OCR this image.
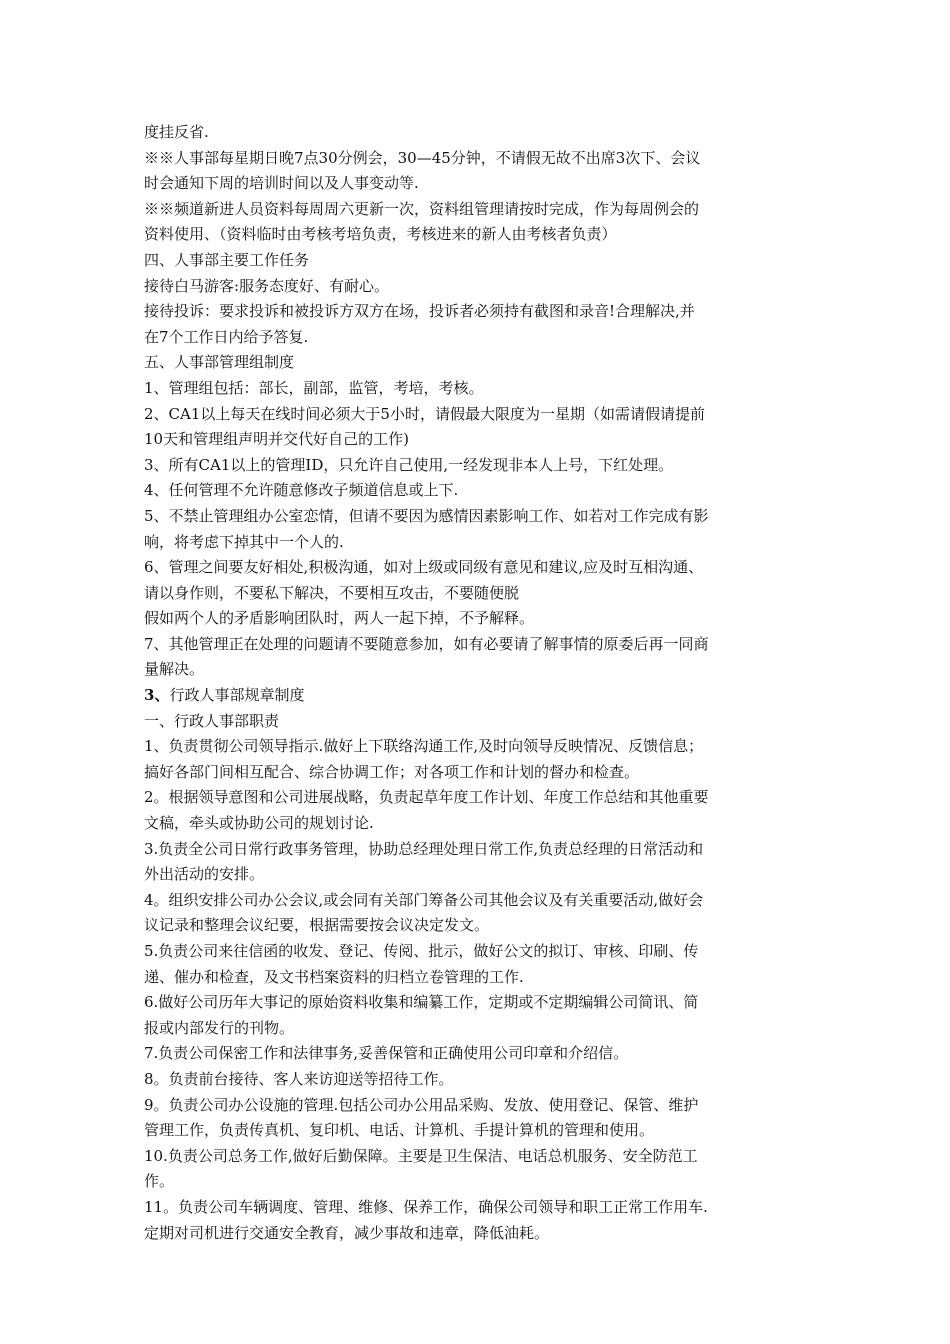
度挂反省.
※※人事部每星期日晚7点30分例会，30—45分钟，不请假无故不出席3次下、会议
时会通知下周的培训时间以及人事变动等.
※※频道新进人员资料每周周六更新一次，资料组管理请按时完成，作为每周例会的
资料使用、（资料临时由考核考培负责，考核进来的新人由考核者负责）
四、人事部主要工作任务
接待白马游客:服务态度好、有耐心。
接待投诉：要求投诉和被投诉方双方在场，投诉者必须持有截图和录音!合理解决,并
在7个工作日内给予答复.
五、人事部管理组制度
1、管理组包括：部长，副部，监管，考培，考核。
2、CA1以上每天在线时间必须大于5小时，请假最大限度为一星期（如需请假请提前
10天和管理组声明并交代好自己的工作)
3、所有CA1以上的管理ID，只允许自己使用,一经发现非本人上号，下红处理。
4、任何管理不允许随意修改子频道信息或上下.
5、不禁止管理组办公室恋情，但请不要因为感情因素影响工作、如若对工作完成有影
响，将考虑下掉其中一个人的.
6、管理之间要友好相处,积极沟通，如对上级或同级有意见和建议,应及时互相沟通、
请以身作则，不要私下解决，不要相互攻击，不要随便脱
假如两个人的矛盾影响团队时，两人一起下掉，不予解释。
7、其他管理正在处理的问题请不要随意参加，如有必要请了解事情的原委后再一同商
量解决。
3、行政人事部规章制度
一、行政人事部职责
1、负责贯彻公司领导指示.做好上下联络沟通工作,及时向领导反映情况、反馈信息；
搞好各部门间相互配合、综合协调工作；对各项工作和计划的督办和检查。
2。根据领导意图和公司进展战略，负责起草年度工作计划、年度工作总结和其他重要
文稿，牵头或协助公司的规划讨论.
3.负责全公司日常行政事务管理，协助总经理处理日常工作,负责总经理的日常活动和
外出活动的安排。
4。组织安排公司办公会议,或会同有关部门筹备公司其他会议及有关重要活动,做好会
议记录和整理会议纪要，根据需要按会议决定发文。
5.负责公司来往信函的收发、登记、传阅、批示，做好公文的拟订、审核、印刷、传
递、催办和检查，及文书档案资料的归档立卷管理的工作.
6.做好公司历年大事记的原始资料收集和编纂工作，定期或不定期编辑公司简讯、简
报或内部发行的刊物。
7.负责公司保密工作和法律事务,妥善保管和正确使用公司印章和介绍信。
8。负责前台接待、客人来访迎送等招待工作。
9。负责公司办公设施的管理.包括公司办公用品采购、发放、使用登记、保管、维护
管理工作，负责传真机、复印机、电话、计算机、手提计算机的管理和使用。
10.负责公司总务工作,做好后勤保障。主要是卫生保洁、电话总机服务、安全防范工
作。
11。负责公司车辆调度、管理、维修、保养工作，确保公司领导和职工正常工作用车.
定期对司机进行交通安全教育，减少事故和违章，降低油耗。
